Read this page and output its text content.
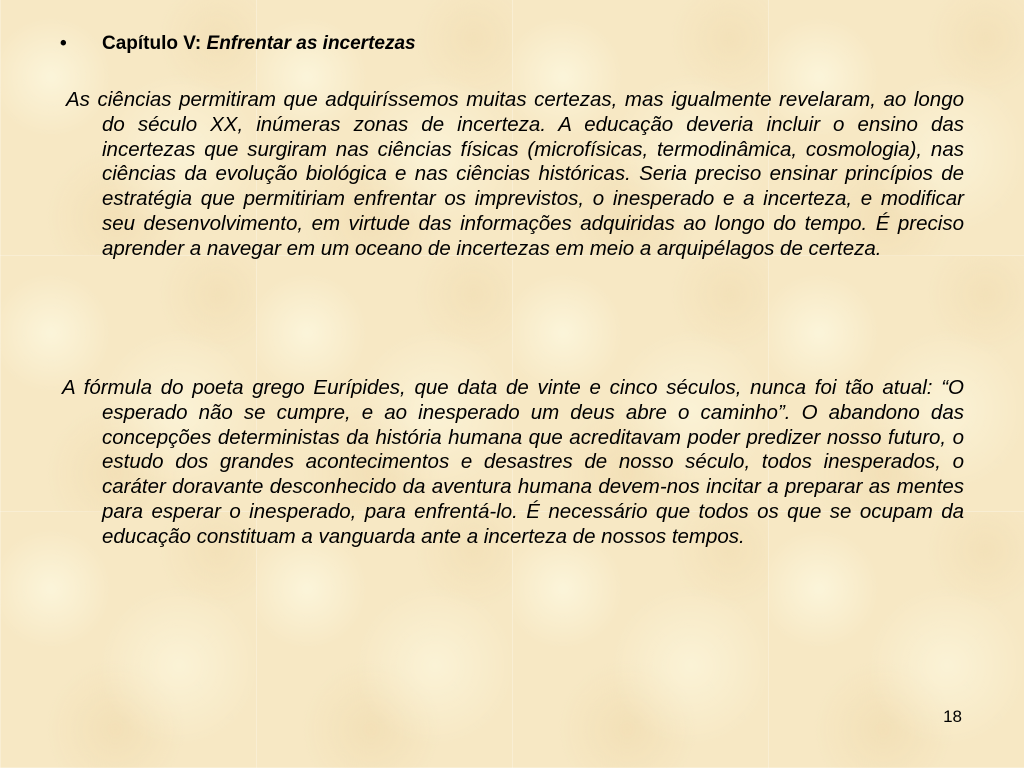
• Capítulo V: Enfrentar as incertezas

As ciências permitiram que adquiríssemos muitas certezas, mas igualmente revelaram, ao longo do século XX, inúmeras zonas de incerteza. A educação deveria incluir o ensino das incertezas que surgiram nas ciências físicas (microfísicas, termodinâmica, cosmologia), nas ciências da evolução biológica e nas ciências históricas. Seria preciso ensinar princípios de estratégia que permitiriam enfrentar os imprevistos, o inesperado e a incerteza, e modificar seu desenvolvimento, em virtude das informações adquiridas ao longo do tempo. É preciso aprender a navegar em um oceano de incertezas em meio a arquipélagos de certeza.

A fórmula do poeta grego Eurípides, que data de vinte e cinco séculos, nunca foi tão atual: “O esperado não se cumpre, e ao inesperado um deus abre o caminho”. O abandono das concepções deterministas da história humana que acreditavam poder predizer nosso futuro, o estudo dos grandes acontecimentos e desastres de nosso século, todos inesperados, o caráter doravante desconhecido da aventura humana devem-nos incitar a preparar as mentes para esperar o inesperado, para enfrentá-lo. É necessário que todos os que se ocupam da educação constituam a vanguarda ante a incerteza de nossos tempos.

18
